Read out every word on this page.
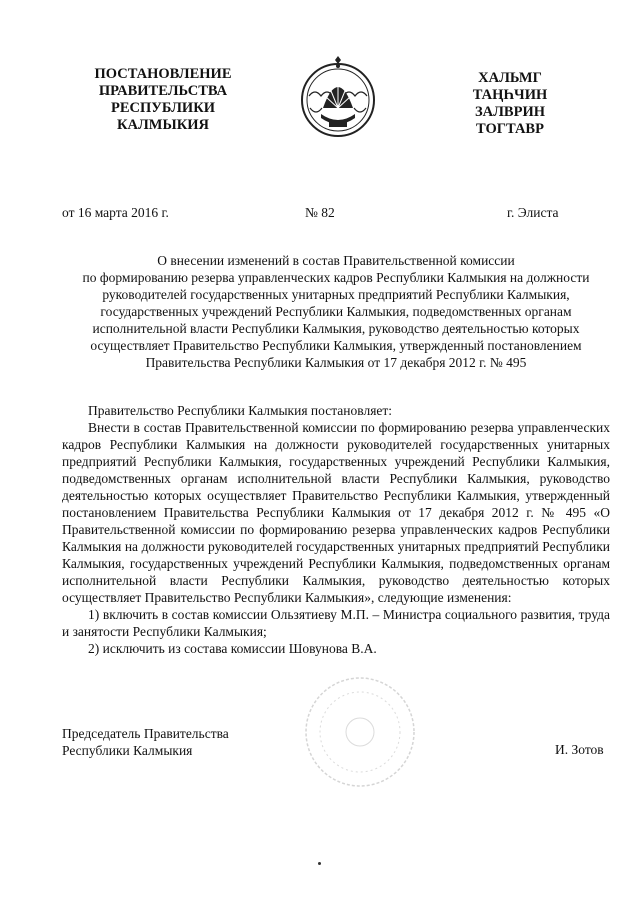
ПОСТАНОВЛЕНИЕ
ПРАВИТЕЛЬСТВА
РЕСПУБЛИКИ
КАЛМЫКИЯ
ХАЛЬМГ
ТАҢҺЧИН
ЗАЛВРИН
ТОГТАВР
от 16 марта 2016 г.	№ 82	г. Элиста
О внесении изменений в состав Правительственной комиссии
по формированию резерва управленческих кадров Республики Калмыкия на должности
руководителей государственных унитарных предприятий Республики Калмыкия,
государственных учреждений Республики Калмыкия, подведомственных органам
исполнительной власти Республики Калмыкия, руководство деятельностью которых
осуществляет Правительство Республики Калмыкия, утвержденный постановлением
Правительства Республики Калмыкия от 17 декабря 2012 г. № 495

Правительство Республики Калмыкия постановляет:

Внести в состав Правительственной комиссии по формированию резерва управленческих кадров Республики Калмыкия на должности руководителей государственных унитарных предприятий Республики Калмыкия, государственных учреждений Республики Калмыкия, подведомственных органам исполнительной власти Республики Калмыкия, руководство деятельностью которых осуществляет Правительство Республики Калмыкия, утвержденный постановлением Правительства Республики Калмыкия от 17 декабря 2012 г. № 495 «О Правительственной комиссии по формированию резерва управленческих кадров Республики Калмыкия на должности руководителей государственных унитарных предприятий Республики Калмыкия, государственных учреждений Республики Калмыкия, подведомственных органам исполнительной власти Республики Калмыкия, руководство деятельностью которых осуществляет Правительство Республики Калмыкия», следующие изменения:

1) включить в состав комиссии Ользятиеву М.П. – Министра социального развития, труда и занятости Республики Калмыкия;

2) исключить из состава комиссии Шовунова В.А.

Председатель Правительства
Республики Калмыкия	И. Зотов
